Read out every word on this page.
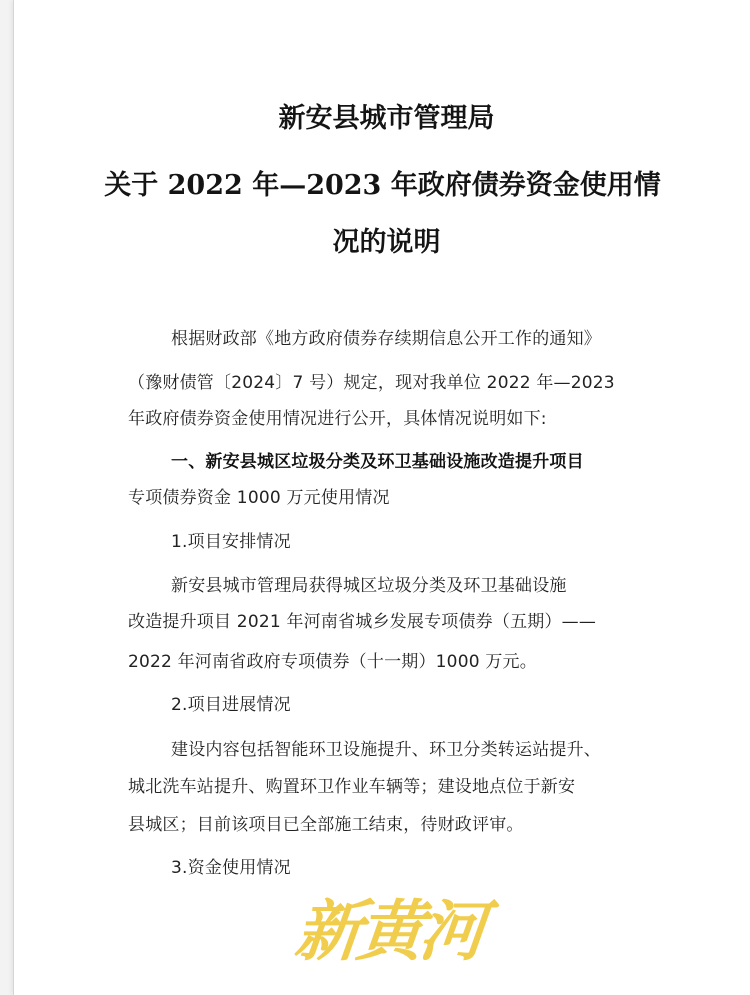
新安县城市管理局
关于 2022 年—2023 年政府债券资金使用情
况的说明

根据财政部《地方政府债券存续期信息公开工作的通知》

（豫财债管〔2024〕7 号）规定，现对我单位 2022 年—2023

年政府债券资金使用情况进行公开，具体情况说明如下:

一、新安县城区垃圾分类及环卫基础设施改造提升项目

专项债券资金 1000 万元使用情况

1.项目安排情况

新安县城市管理局获得城区垃圾分类及环卫基础设施

改造提升项目 2021 年河南省城乡发展专项债券（五期）——

2022 年河南省政府专项债券（十一期）1000 万元。

2.项目进展情况

建设内容包括智能环卫设施提升、环卫分类转运站提升、

城北洗车站提升、购置环卫作业车辆等；建设地点位于新安

县城区；目前该项目已全部施工结束，待财政评审。

3.资金使用情况

新黄河
